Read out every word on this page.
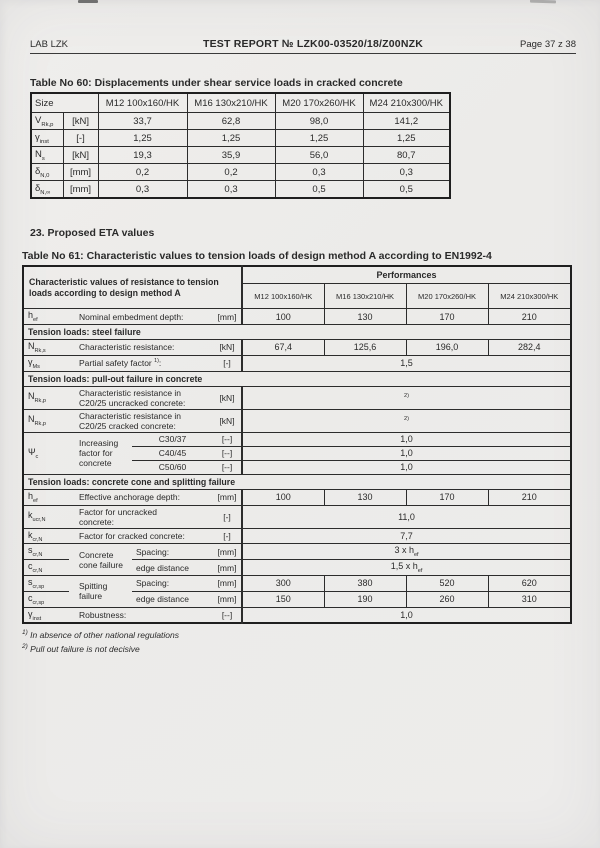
LAB LZK	TEST REPORT № LZK00-03520/18/Z00NZK	Page 37 z 38
Table No 60: Displacements under shear service loads in cracked concrete
Size		M12 100x160/HK	M16 130x210/HK	M20 170x260/HK	M24 210x300/HK
$V_{Rk,p}$	[kN]	33,7	62,8	98,0	141,2
$\gamma_{inst}$	[-]	1,25	1,25	1,25	1,25
$N_s$	[kN]	19,3	35,9	56,0	80,7
$\delta_{N,0}$	[mm]	0,2	0,2	0,3	0,3
$\delta_{N,\infty}$	[mm]	0,3	0,3	0,5	0,5
23. Proposed ETA values
Table No 61: Characteristic values to tension loads of design method A according to EN1992-4
Characteristic values of resistance to tension loads according to design method A				Performances			
				M12 100x160/HK	M16 130x210/HK	M20 170x260/HK	M24 210x300/HK
$h_{ef}$	Nominal embedment depth:		[mm]	100	130	170	210
Tension loads: steel failure							
$N_{Rk,s}$	Characteristic resistance:		[kN]	67,4	125,6	196,0	282,4
$\gamma_{Ms}$	Partial safety factor $^{1)}$:		[-]	1,5			
Tension loads: pull-out failure in concrete							
$N_{Rk,p}$	Characteristic resistance in C20/25 uncracked concrete:		[kN]	$^{2)}$
$N_{Rk,p}$	Characteristic resistance in C20/25 cracked concrete:		[kN]	$^{2)}$
$\Psi_c$	Increasing factor for concrete	C30/37	[--]	1,0			
		C40/45	[--]	1,0			
		C50/60	[--]	1,0			
Tension loads: concrete cone and splitting failure							
$h_{ef}$	Effective anchorage depth:		[mm]	100	130	170	210
$k_{ucr,N}$	Factor for uncracked concrete:		[-]	11,0			
$k_{cr,N}$	Factor for cracked concrete:		[-]	7,7			
$s_{cr,N}$	Concrete cone failure	Spacing:	[mm]	3 x $h_{ef}$
$c_{cr,N}$		edge distance	[mm]	1,5 x $h_{ef}$
$s_{cr,sp}$	Spitting failure	Spacing:	[mm]	300	380	520	620
$c_{cr,sp}$		edge distance	[mm]	150	190	260	310
$\gamma_{inst}$	Robustness:		[--]	1,0			
$^{1)}$ In absence of other national regulations
$^{2)}$ Pull out failure is not decisive
